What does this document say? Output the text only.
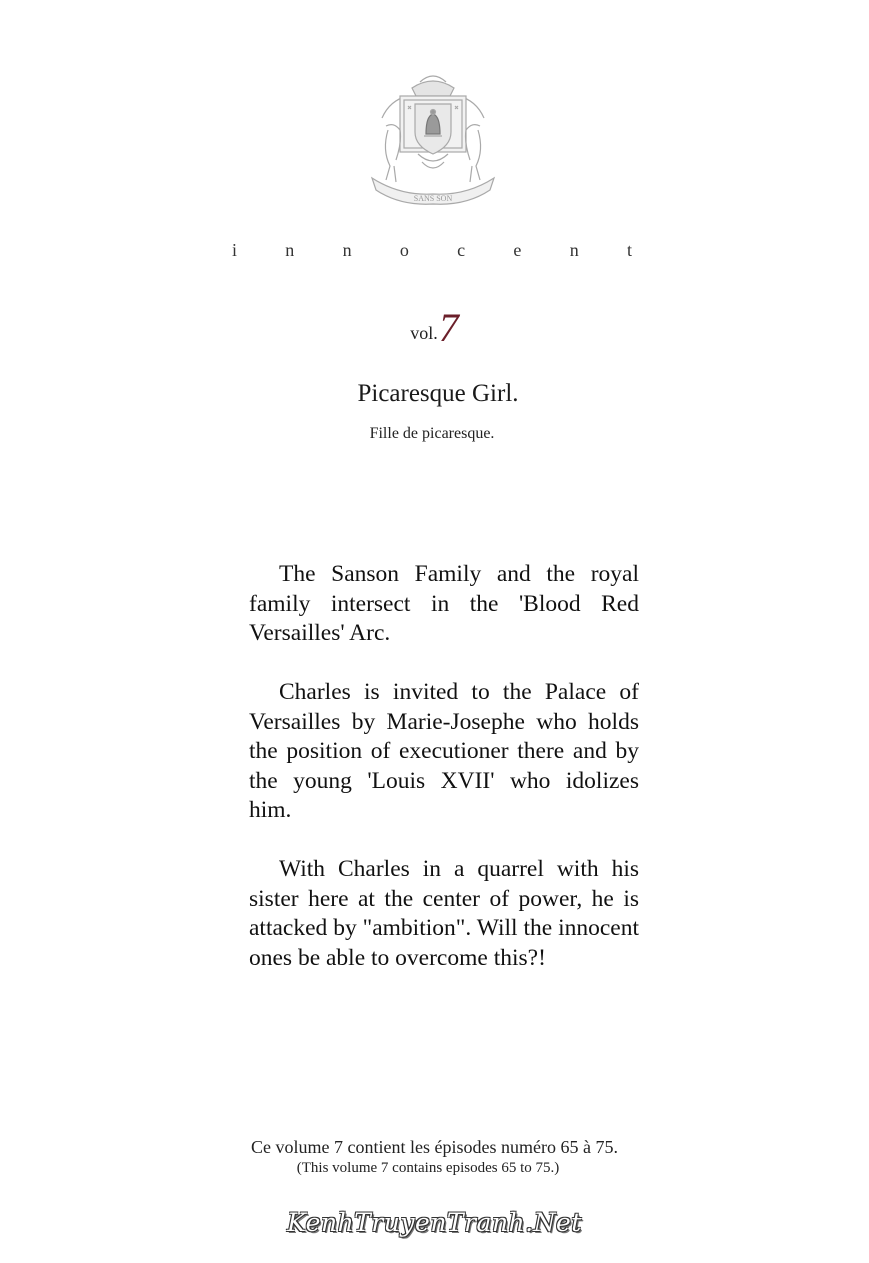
SANS SON
i	n	n	o	c	e	n	t
vol.7
Picaresque Girl.
Fille de picaresque.

The Sanson Family and the royal family intersect in the 'Blood Red Versailles' Arc.

Charles is invited to the Palace of Versailles by Marie-Josephe who holds the position of executioner there and by the young 'Louis XVII' who idolizes him.

With Charles in a quarrel with his sister here at the center of power, he is attacked by "ambition". Will the innocent ones be able to overcome this?!

Ce volume 7 contient les épisodes numéro 65 à 75.
(This volume 7 contains episodes 65 to 75.)
KenhTruyenTranh.Net
